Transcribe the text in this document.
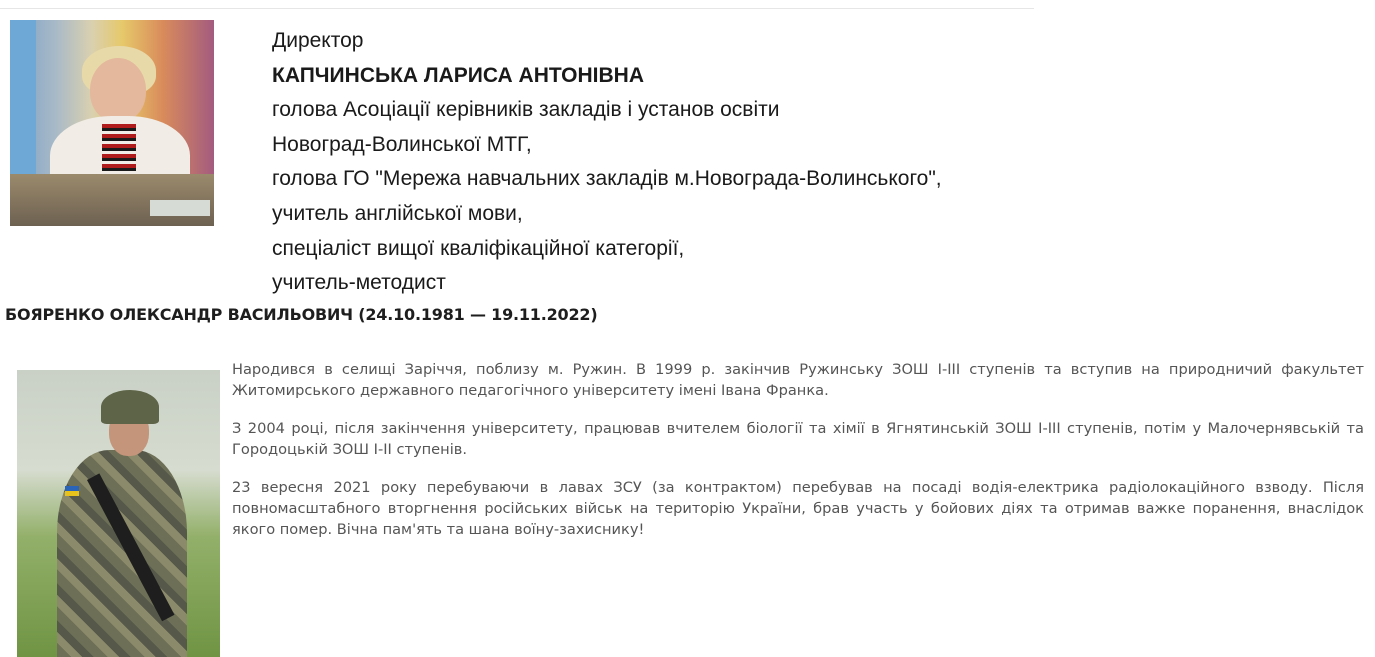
Директор
КАПЧИНСЬКА ЛАРИСА АНТОНІВНА
голова Асоціації керівників закладів і установ освіти
Новоград-Волинської МТГ,
голова ГО "Мережа навчальних закладів м.Новограда-Волинського",
учитель англійської мови,
спеціаліст вищої кваліфікаційної категорії,
учитель-методист
БОЯРЕНКО ОЛЕКСАНДР ВАСИЛЬОВИЧ (24.10.1981 — 19.11.2022)

Народився в селищі Заріччя, поблизу м. Ружин. В 1999 р. закінчив Ружинську ЗОШ І-ІІІ ступенів та вступив на природничий факультет Житомирського державного педагогічного університету імені Івана Франка.

З 2004 році, після закінчення університету, працював вчителем біології та хімії в Ягнятинській ЗОШ І-ІІІ ступенів, потім у Малочернявській та Городоцькій ЗОШ І-ІІ ступенів.

23 вересня 2021 року перебуваючи в лавах ЗСУ (за контрактом) перебував на посаді водія-електрика радіолокаційного взводу. Після повномасштабного вторгнення російських військ на територію України, брав участь у бойових діях та отримав важке поранення, внаслідок якого помер. Вічна пам'ять та шана воїну-захиснику!
